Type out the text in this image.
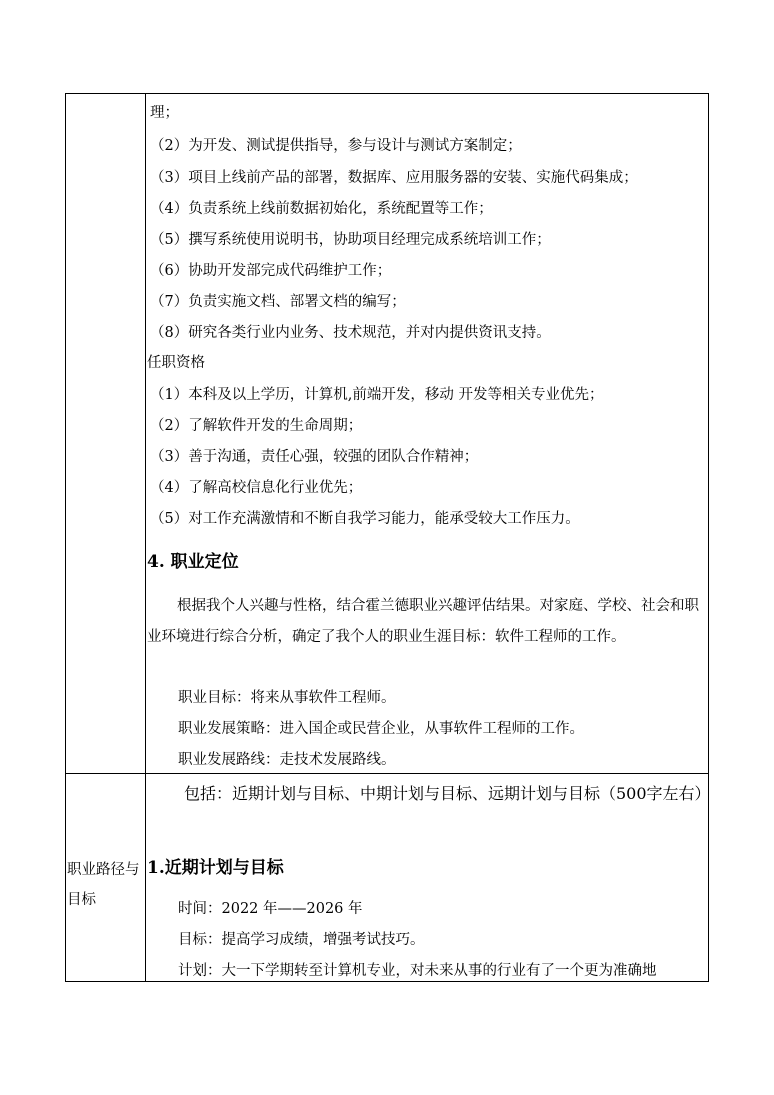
理；
（2）为开发、测试提供指导，参与设计与测试方案制定；
（3）项目上线前产品的部署，数据库、应用服务器的安装、实施代码集成；
（4）负责系统上线前数据初始化，系统配置等工作；
（5）撰写系统使用说明书，协助项目经理完成系统培训工作；
（6）协助开发部完成代码维护工作；
（7）负责实施文档、部署文档的编写；
（8）研究各类行业内业务、技术规范，并对内提供资讯支持。
任职资格
（1）本科及以上学历，计算机,前端开发，移动 开发等相关专业优先；
（2）了解软件开发的生命周期；
（3）善于沟通，责任心强，较强的团队合作精神；
（4）了解高校信息化行业优先；
（5）对工作充满激情和不断自我学习能力，能承受较大工作压力。
4. 职业定位
根据我个人兴趣与性格，结合霍兰德职业兴趣评估结果。对家庭、学校、社会和职业环境进行综合分析，确定了我个人的职业生涯目标：软件工程师的工作。
职业目标：将来从事软件工程师。
职业发展策略：进入国企或民营企业，从事软件工程师的工作。
职业发展路线：走技术发展路线。
职业路径与目标
包括：近期计划与目标、中期计划与目标、远期计划与目标（500字左右）
1.近期计划与目标
时间：2022 年——2026 年
目标：提高学习成绩，增强考试技巧。
计划：大一下学期转至计算机专业，对未来从事的行业有了一个更为准确地
